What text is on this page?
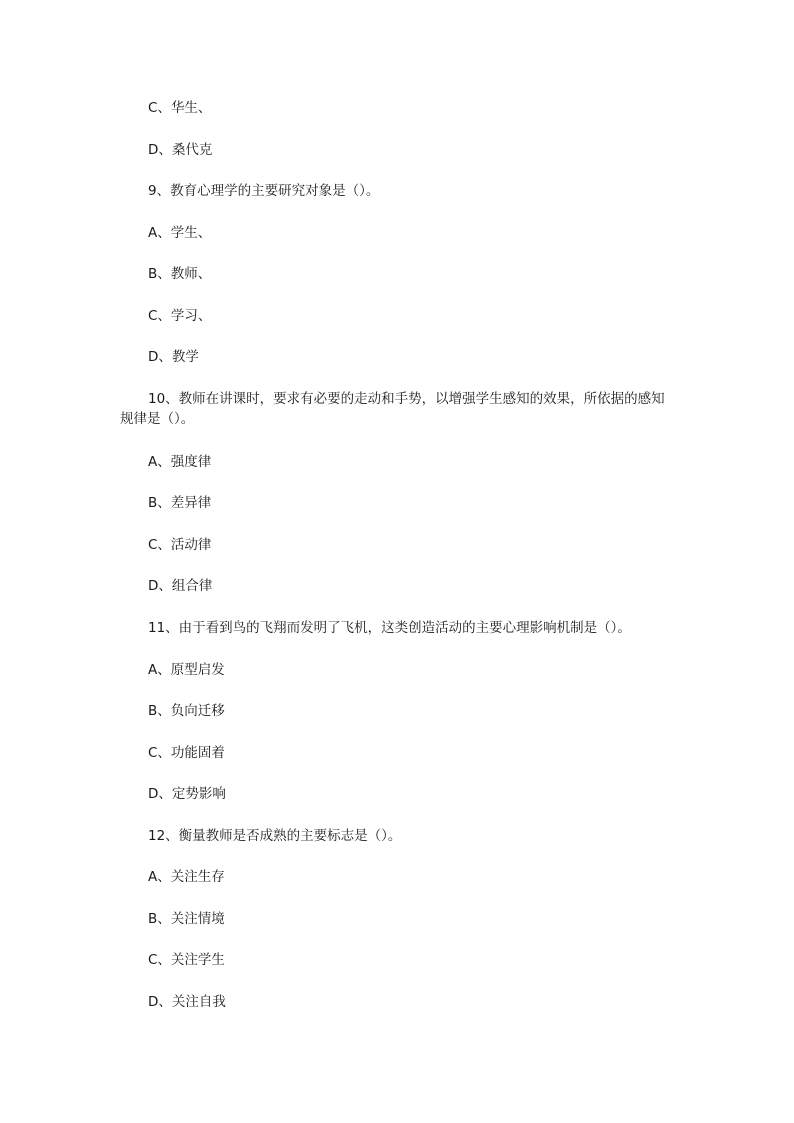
C、华生、
D、桑代克
9、教育心理学的主要研究对象是（）。
A、学生、
B、教师、
C、学习、
D、教学
10、教师在讲课时，要求有必要的走动和手势，以增强学生感知的效果，所依据的感知规律是（）。
A、强度律
B、差异律
C、活动律
D、组合律
11、由于看到鸟的飞翔而发明了飞机，这类创造活动的主要心理影响机制是（）。
A、原型启发
B、负向迁移
C、功能固着
D、定势影响
12、衡量教师是否成熟的主要标志是（）。
A、关注生存
B、关注情境
C、关注学生
D、关注自我
